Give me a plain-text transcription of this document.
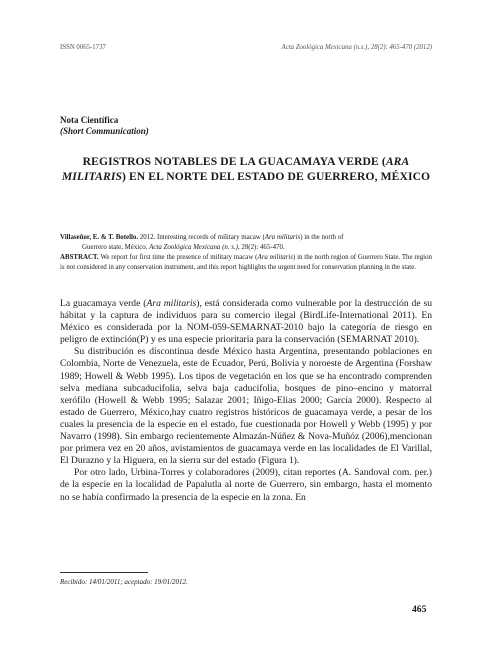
ISSN 0065-1737	Acta Zoológica Mexicana (n.s.), 28(2): 465-470 (2012)
Nota Científica
(Short Communication)
REGISTROS NOTABLES DE LA GUACAMAYA VERDE (ARA MILITARIS) EN EL NORTE DEL ESTADO DE GUERRERO, MÉXICO
Villaseñor, E. & T. Botello. 2012. Interesting records of military macaw (Ara militaris) in the north of
Guerrero state, México. Acta Zoológica Mexicana (n. s.), 28(2): 465-470.
ABSTRACT. We report for first time the presence of military macaw (Ara militaris) in the north region of Guerrero State. The region is not considered in any conservation instrument, and this report highlights the urgent need for conservation planning in the state.

La guacamaya verde (Ara militaris), está considerada como vulnerable por la destrucción de su hábitat y la captura de individuos para su comercio ilegal (BirdLife-International 2011). En México es considerada por la NOM-059-SEMARNAT-2010 bajo la categoría de riesgo en peligro de extinción(P) y es una especie prioritaria para la conservación (SEMARNAT 2010).

Su distribución es discontinua desde México hasta Argentina, presentando poblaciones en Colombia, Norte de Venezuela, este de Ecuador, Perú, Bolivia y noroeste de Argentina (Forshaw 1989; Howell & Webb 1995). Los tipos de vegetación en los que se ha encontrado comprenden selva mediana subcaducifolia, selva baja caducifolia, bosques de pino–encino y matorral xerófilo (Howell & Webb 1995; Salazar 2001; Iñigo-Elias 2000; García 2000). Respecto al estado de Guerrero, México,hay cuatro registros históricos de guacamaya verde, a pesar de los cuales la presencia de la especie en el estado, fue cuestionada por Howell y Webb (1995) y por Navarro (1998). Sin embargo recientemente Almazán-Núñez & Nova-Muñóz (2006),mencionan por primera vez en 20 años, avistamientos de guacamaya verde en las localidades de El Varillal, El Durazno y la Higuera, en la sierra sur del estado (Figura 1).

Por otro lado, Urbina-Torres y colaboradores (2009), citan reportes (A. Sandoval com. per.) de la especie en la localidad de Papalutla al norte de Guerrero, sin embargo, hasta el momento no se había confirmado la presencia de la especie en la zona. En

Recibido: 14/01/2011; aceptado: 19/01/2012.
465
